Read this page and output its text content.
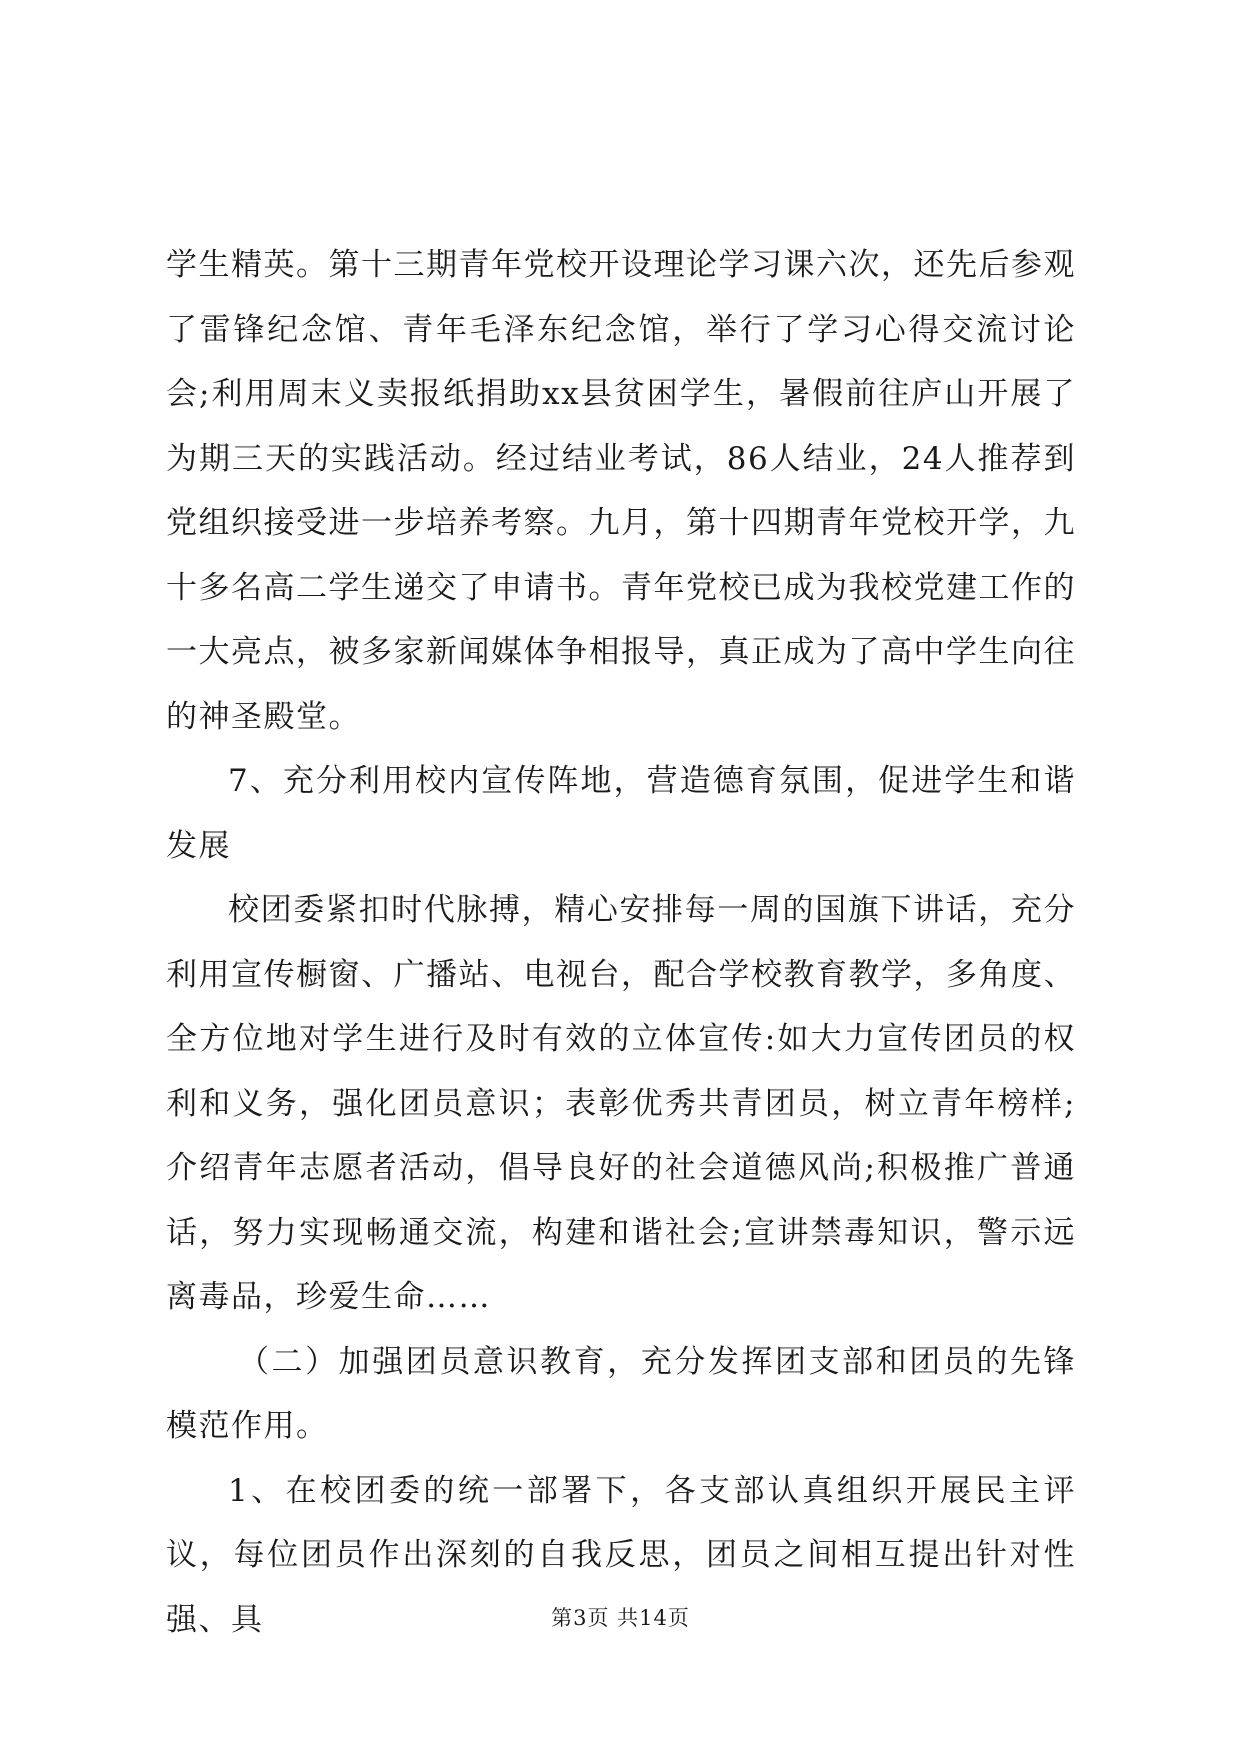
学生精英。第十三期青年党校开设理论学习课六次，还先后参观了雷锋纪念馆、青年毛泽东纪念馆，举行了学习心得交流讨论会;利用周末义卖报纸捐助xx县贫困学生，暑假前往庐山开展了为期三天的实践活动。经过结业考试，86人结业，24人推荐到党组织接受进一步培养考察。九月，第十四期青年党校开学，九十多名高二学生递交了申请书。青年党校已成为我校党建工作的一大亮点，被多家新闻媒体争相报导，真正成为了高中学生向往的神圣殿堂。

7、充分利用校内宣传阵地，营造德育氛围，促进学生和谐发展

校团委紧扣时代脉搏，精心安排每一周的国旗下讲话，充分利用宣传橱窗、广播站、电视台，配合学校教育教学，多角度、全方位地对学生进行及时有效的立体宣传:如大力宣传团员的权利和义务，强化团员意识；表彰优秀共青团员，树立青年榜样;介绍青年志愿者活动，倡导良好的社会道德风尚;积极推广普通话，努力实现畅通交流，构建和谐社会;宣讲禁毒知识，警示远离毒品，珍爱生命……

（二）加强团员意识教育，充分发挥团支部和团员的先锋模范作用。

1、在校团委的统一部署下，各支部认真组织开展民主评议，每位团员作出深刻的自我反思，团员之间相互提出针对性强、具	第3页 共14页
